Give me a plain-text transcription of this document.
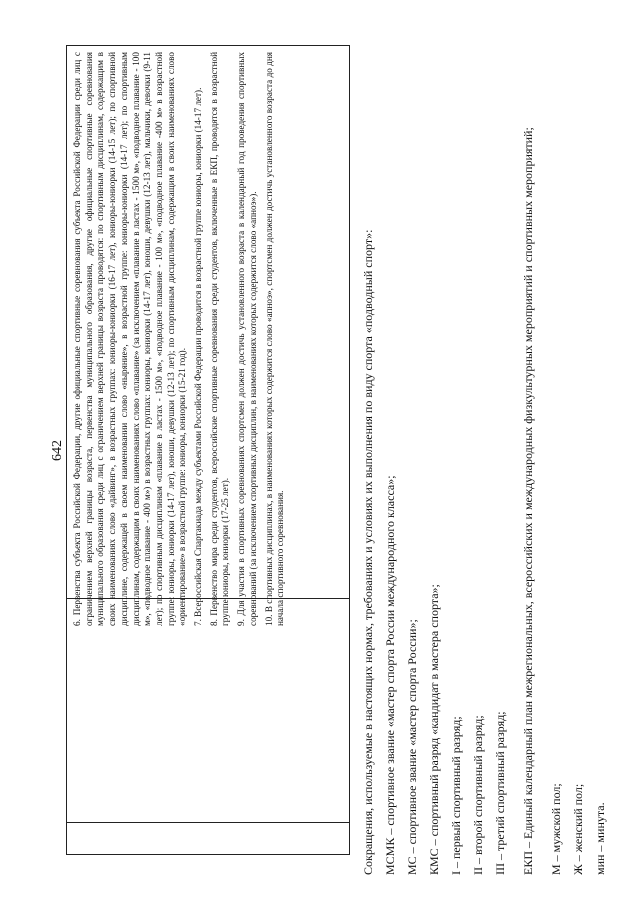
642 6. Первенства субъекта Российской Федерации, другие официальные спортивные соревнования субъекта Российской Федерации среди лиц с ограничением верхней границы возраста, первенства муниципального образования, другие официальные спортивные соревнования муниципального образования среди лиц с ограничением верхней границы возраста проводятся: по спортивным дисциплинам, содержащим в своих наименованиях слово «дайвинг», в возрастных группах: юниоры-юниорки (16-17 лет), юниоры-юниорки (14-15 лет); по спортивной дисциплине, содержащей в своем наименовании слово «ныряние», в возрастной группе: юниоры-юниорки (14-17 лет); по спортивным дисциплинам, содержащим в своих наименованиях слово «плавание» (за исключением «плавание в ластах - 1500 м», «подводное плавание - 100 м», «подводное плавание - 400 м») в возрастных группах: юниоры, юниорки (14-17 лет), юноши, девушки (12-13 лет), мальчики, девочки (9-11 лет); по спортивным дисциплинам «плавание в ластах - 1500 м», «подводное плавание - 100 м», «подводное плавание -400 м» в возрастной группе: юниоры, юниорки (14-17 лет), юноши, девушки (12-13 лет); по спортивным дисциплинам, содержащим в своих наименованиях слово «ориентирование» в возрастной группе: юниоры, юниорки (15-21 год). 7. Всероссийская Спартакиада между субъектами Российской Федерации проводится в возрастной группе юниоры, юниорки (14-17 лет). 8. Первенство мира среди студентов, всероссийские спортивные соревнования среди студентов, включенные в ЕКП, проводятся в возрастной группе юниоры, юниорки (17-25 лет). 9. Для участия в спортивных соревнованиях спортсмен должен достичь установленного возраста в календарный год проведения спортивных соревнований (за исключением спортивных дисциплин, в наименованиях которых содержится слово «апноэ»). 10. В спортивных дисциплинах, в наименованиях которых содержится слово «апноэ», спортсмен должен достичь установленного возраста до дня начала спортивного соревнования.	Сокращения, используемые в настоящих нормах, требованиях и условиях их выполнения по виду спорта «подводный спорт»: МСМК – спортивное звание «мастер спорта России международного класса»; МС – спортивное звание «мастер спорта России»; КМС – спортивный разряд «кандидат в мастера спорта»; I – первый спортивный разряд; II – второй спортивный разряд; III – третий спортивный разряд;	ЕКП – Единый календарный план межрегиональных, всероссийских и международных физкультурных мероприятий и спортивных мероприятий;	М – мужской пол; Ж – женский пол; мин – минута.
